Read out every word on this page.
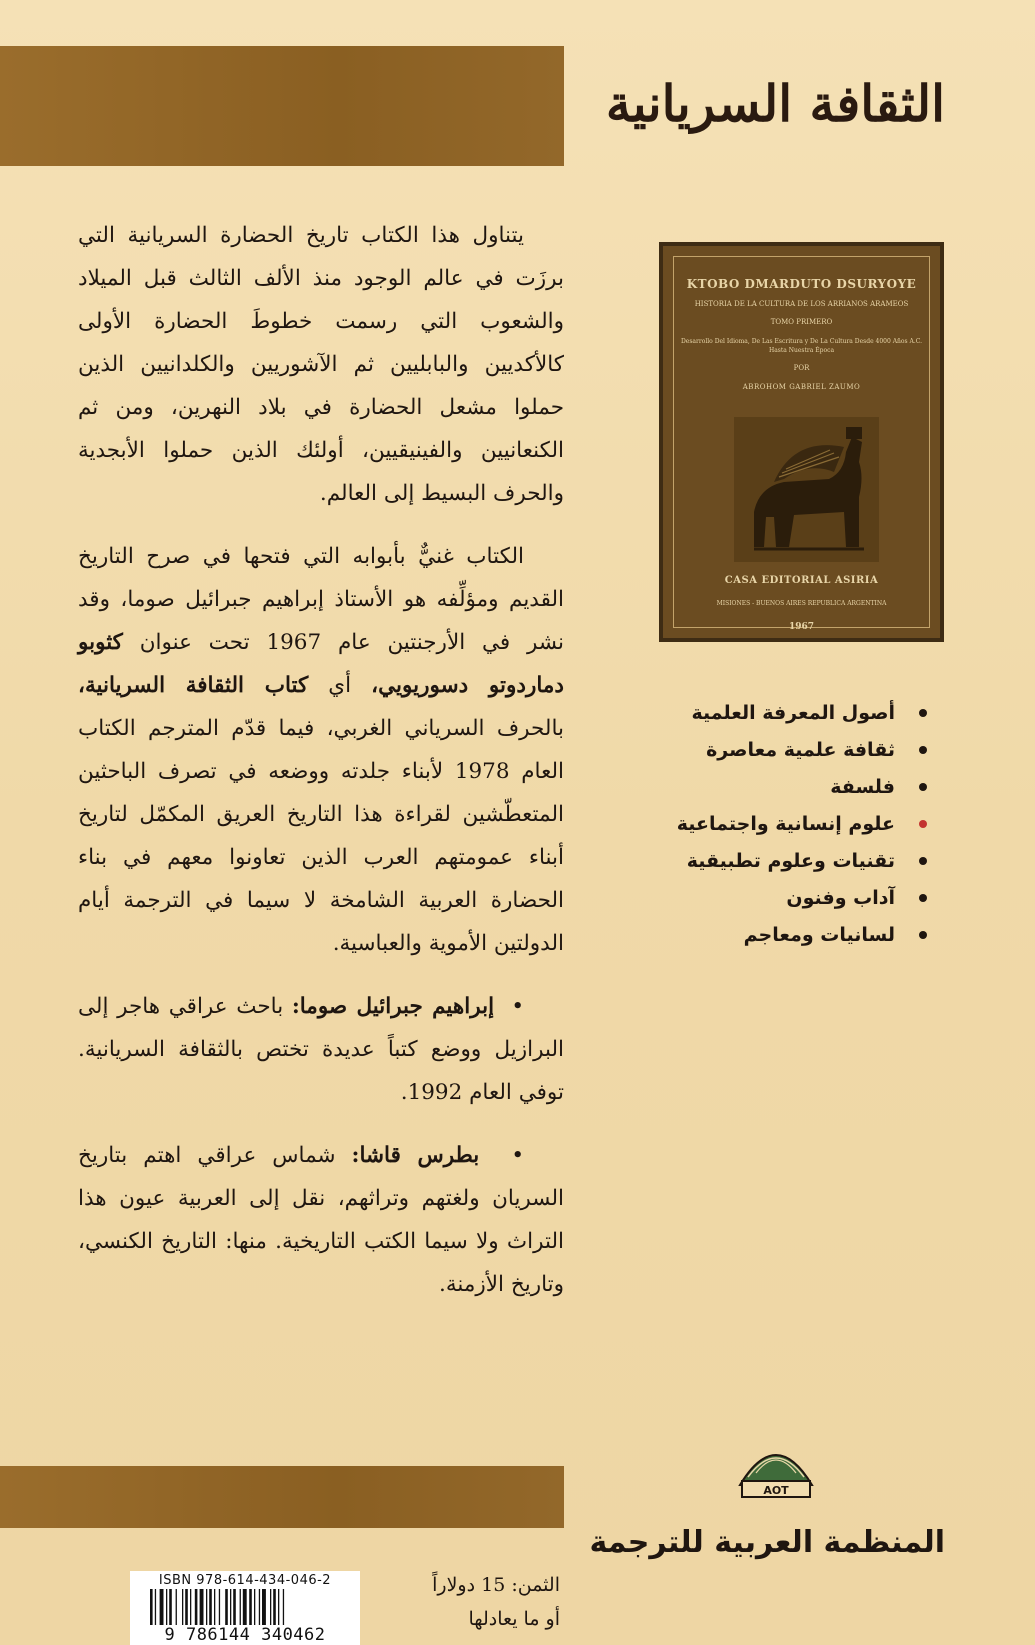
الثقافة السريانية

يتناول هذا الكتاب تاريخ الحضارة السريانية التي برزَت في عالم الوجود منذ الألف الثالث قبل الميلاد والشعوب التي رسمت خطوطَ الحضارة الأولى كالأكديين والبابليين ثم الآشوريين والكلدانيين الذين حملوا مشعل الحضارة في بلاد النهرين، ومن ثم الكنعانيين والفينيقيين، أولئك الذين حملوا الأبجدية والحرف البسيط إلى العالم.

الكتاب غنيٌّ بأبوابه التي فتحها في صرح التاريخ القديم ومؤلِّفه هو الأستاذ إبراهيم جبرائيل صوما، وقد نشر في الأرجنتين عام 1967 تحت عنوان كثوبو دماردوتو دسوريويي، أي كتاب الثقافة السريانية، بالحرف السرياني الغربي، فيما قدّم المترجم الكتاب العام 1978 لأبناء جلدته ووضعه في تصرف الباحثين المتعطّشين لقراءة هذا التاريخ العريق المكمّل لتاريخ أبناء عمومتهم العرب الذين تعاونوا معهم في بناء الحضارة العربية الشامخة لا سيما في الترجمة أيام الدولتين الأموية والعباسية.

•  إبراهيم جبرائيل صوما: باحث عراقي هاجر إلى البرازيل ووضع كتباً عديدة تختص بالثقافة السريانية. توفي العام 1992.

•  بطرس قاشا: شماس عراقي اهتم بتاريخ السريان ولغتهم وتراثهم، نقل إلى العربية عيون هذا التراث ولا سيما الكتب التاريخية. منها: التاريخ الكنسي، وتاريخ الأزمنة.

KTOBO DMARDUTO DSURYOYE
HISTORIA DE LA CULTURA DE LOS ARRIANOS ARAMEOS
TOMO PRIMERO
Desarrollo Del Idioma, De Las Escritura y De La Cultura Desde 4000 Años A.C. Hasta Nuestra Época
POR
ABROHOM GABRIEL ZAUMO
CASA EDITORIAL ASIRIA
MISIONES - BUENOS AIRES REPUBLICA ARGENTINA
1967
أصول المعرفة العلمية
ثقافة علمية معاصرة
فلسفة
علوم إنسانية واجتماعية
تقنيات وعلوم تطبيقية
آداب وفنون
لسانيات ومعاجم
AOT
المنظمة العربية للترجمة
الثمن: 15 دولاراً
أو ما يعادلها
ISBN 978-614-434-046-2
9 786144 340462
